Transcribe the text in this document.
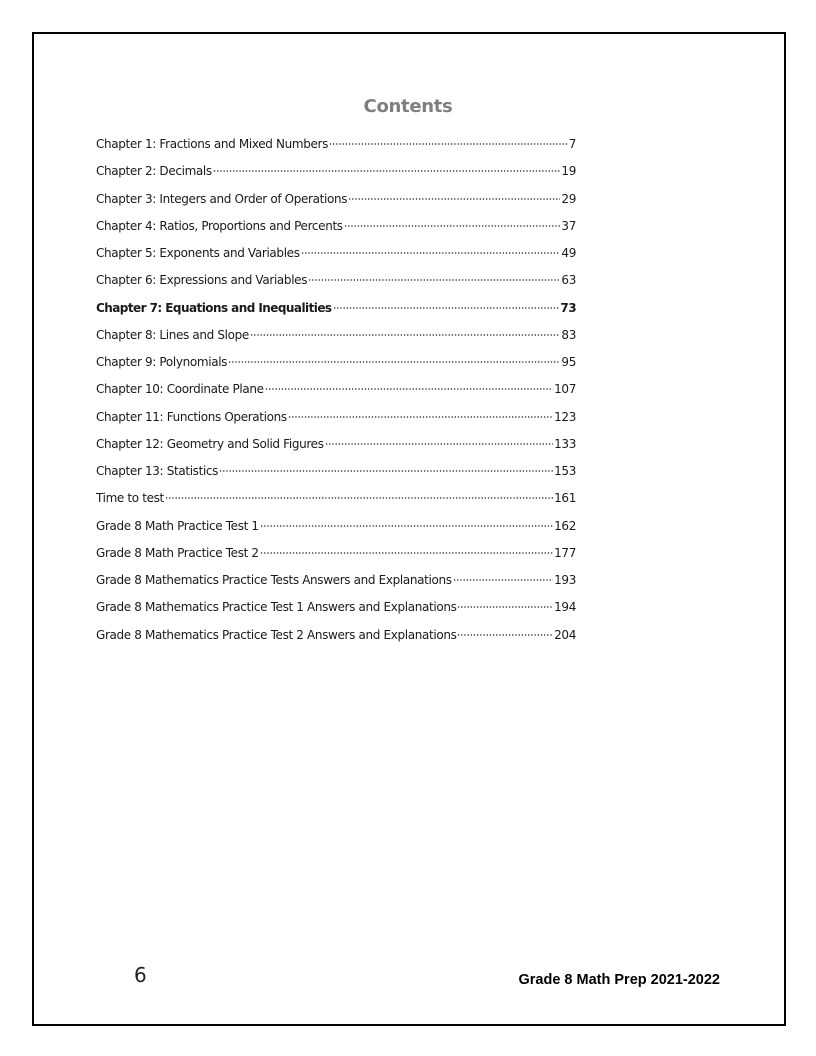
Contents
Chapter 1: Fractions and Mixed Numbers	7
Chapter 2: Decimals	19
Chapter 3: Integers and Order of Operations	29
Chapter 4: Ratios, Proportions and Percents	37
Chapter 5: Exponents and Variables	49
Chapter 6: Expressions and Variables	63
Chapter 7: Equations and Inequalities	73
Chapter 8: Lines and Slope	83
Chapter 9: Polynomials	95
Chapter 10: Coordinate Plane	107
Chapter 11: Functions Operations	123
Chapter 12: Geometry and Solid Figures	133
Chapter 13: Statistics	153
Time to test	161
Grade 8 Math Practice Test 1	162
Grade 8 Math Practice Test 2	177
Grade 8 Mathematics Practice Tests Answers and Explanations	193
Grade 8 Mathematics Practice Test 1 Answers and Explanations	194
Grade 8 Mathematics Practice Test 2 Answers and Explanations	204
6	Grade 8 Math Prep 2021-2022
